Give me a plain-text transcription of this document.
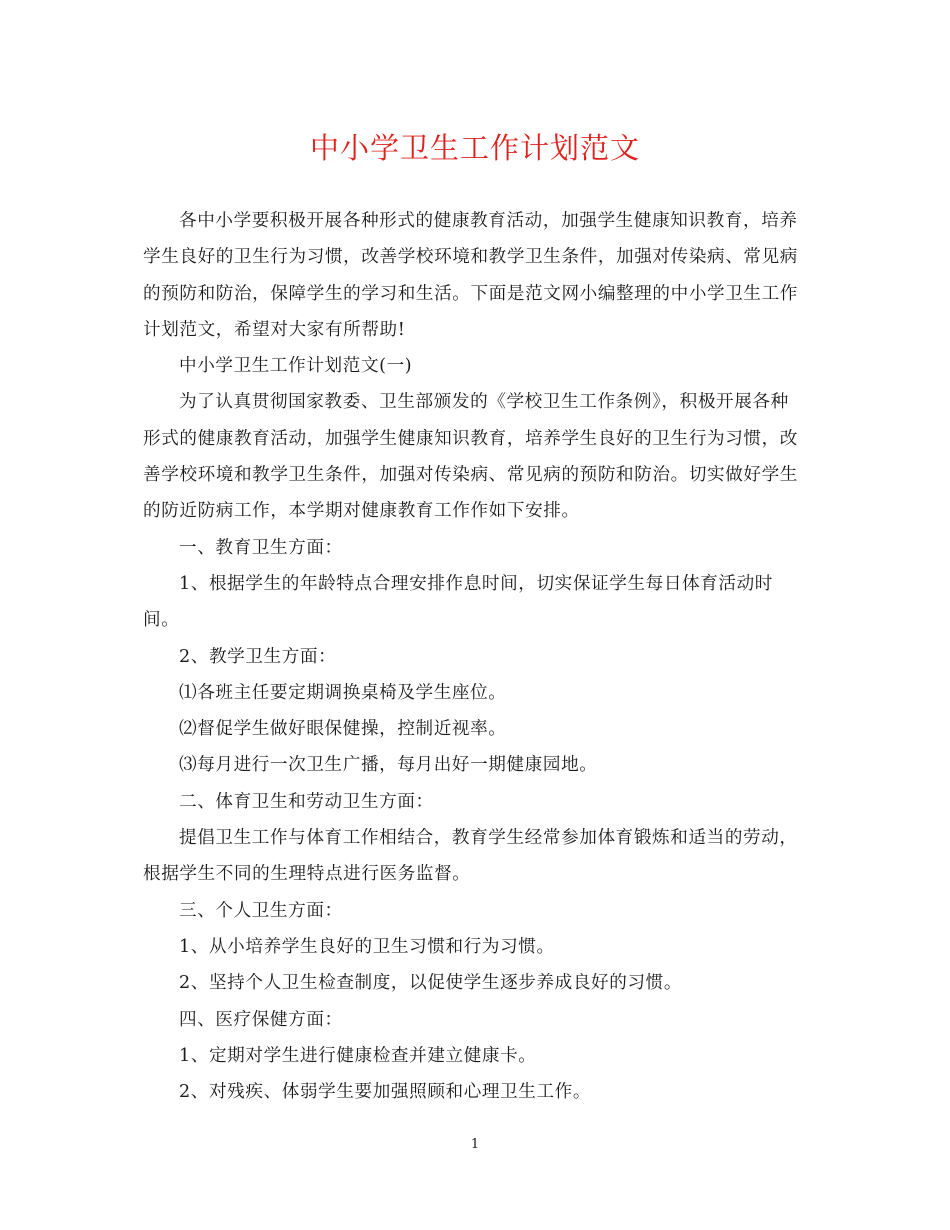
中小学卫生工作计划范文

各中小学要积极开展各种形式的健康教育活动，加强学生健康知识教育，培养学生良好的卫生行为习惯，改善学校环境和教学卫生条件，加强对传染病、常见病的预防和防治，保障学生的学习和生活。下面是范文网小编整理的中小学卫生工作计划范文，希望对大家有所帮助!

中小学卫生工作计划范文(一)

为了认真贯彻国家教委、卫生部颁发的《学校卫生工作条例》，积极开展各种形式的健康教育活动，加强学生健康知识教育，培养学生良好的卫生行为习惯，改善学校环境和教学卫生条件，加强对传染病、常见病的预防和防治。切实做好学生的防近防病工作，本学期对健康教育工作作如下安排。

一、教育卫生方面：

1、根据学生的年龄特点合理安排作息时间，切实保证学生每日体育活动时间。

2、教学卫生方面：

⑴各班主任要定期调换桌椅及学生座位。

⑵督促学生做好眼保健操，控制近视率。

⑶每月进行一次卫生广播，每月出好一期健康园地。

二、体育卫生和劳动卫生方面：

提倡卫生工作与体育工作相结合，教育学生经常参加体育锻炼和适当的劳动，根据学生不同的生理特点进行医务监督。

三、个人卫生方面：

1、从小培养学生良好的卫生习惯和行为习惯。

2、坚持个人卫生检查制度，以促使学生逐步养成良好的习惯。

四、医疗保健方面：

1、定期对学生进行健康检查并建立健康卡。

2、对残疾、体弱学生要加强照顾和心理卫生工作。

1
